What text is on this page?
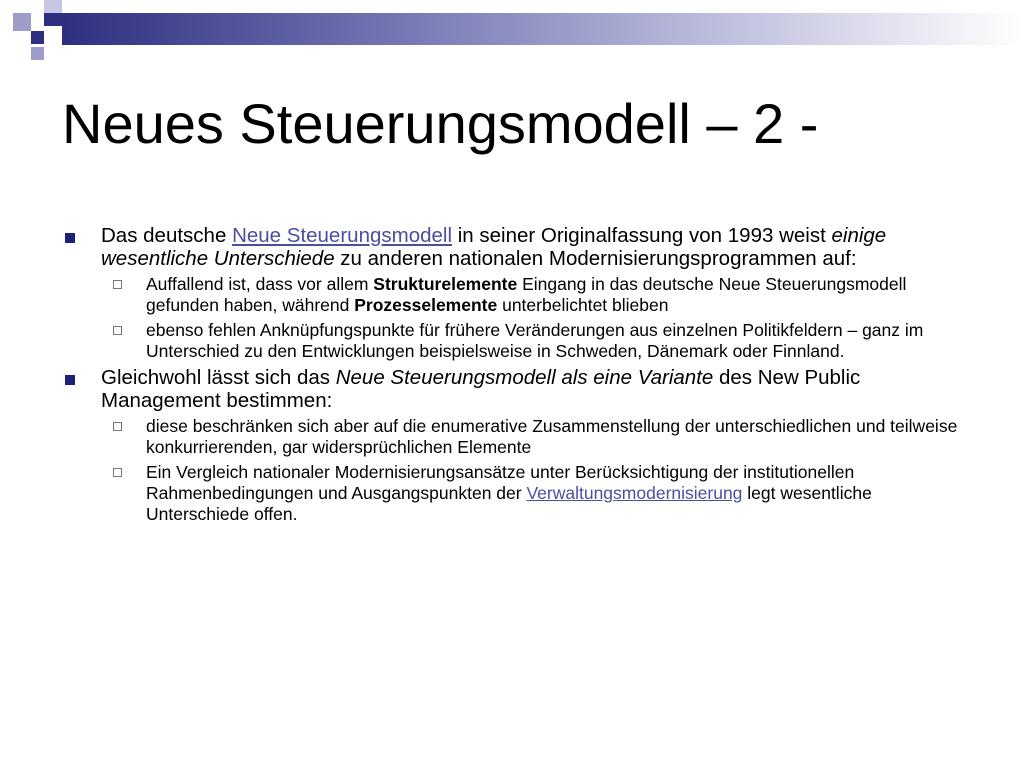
Neues Steuerungsmodell – 2 -
Das deutsche Neue Steuerungsmodell in seiner Originalfassung von 1993 weist einige wesentliche Unterschiede zu anderen nationalen Modernisierungsprogrammen auf:
Auffallend ist, dass vor allem Strukturelemente Eingang in das deutsche Neue Steuerungsmodell gefunden haben, während Prozesselemente unterbelichtet blieben
ebenso fehlen Anknüpfungspunkte für frühere Veränderungen aus einzelnen Politikfeldern – ganz im Unterschied zu den Entwicklungen beispielsweise in Schweden, Dänemark oder Finnland.
Gleichwohl lässt sich das Neue Steuerungsmodell als eine Variante des New Public Management bestimmen:
diese beschränken sich aber auf die enumerative Zusammenstellung der unterschiedlichen und teilweise konkurrierenden, gar widersprüchlichen Elemente
Ein Vergleich nationaler Modernisierungsansätze unter Berücksichtigung der institutionellen Rahmenbedingungen und Ausgangspunkten der Verwaltungsmodernisierung legt wesentliche Unterschiede offen.
